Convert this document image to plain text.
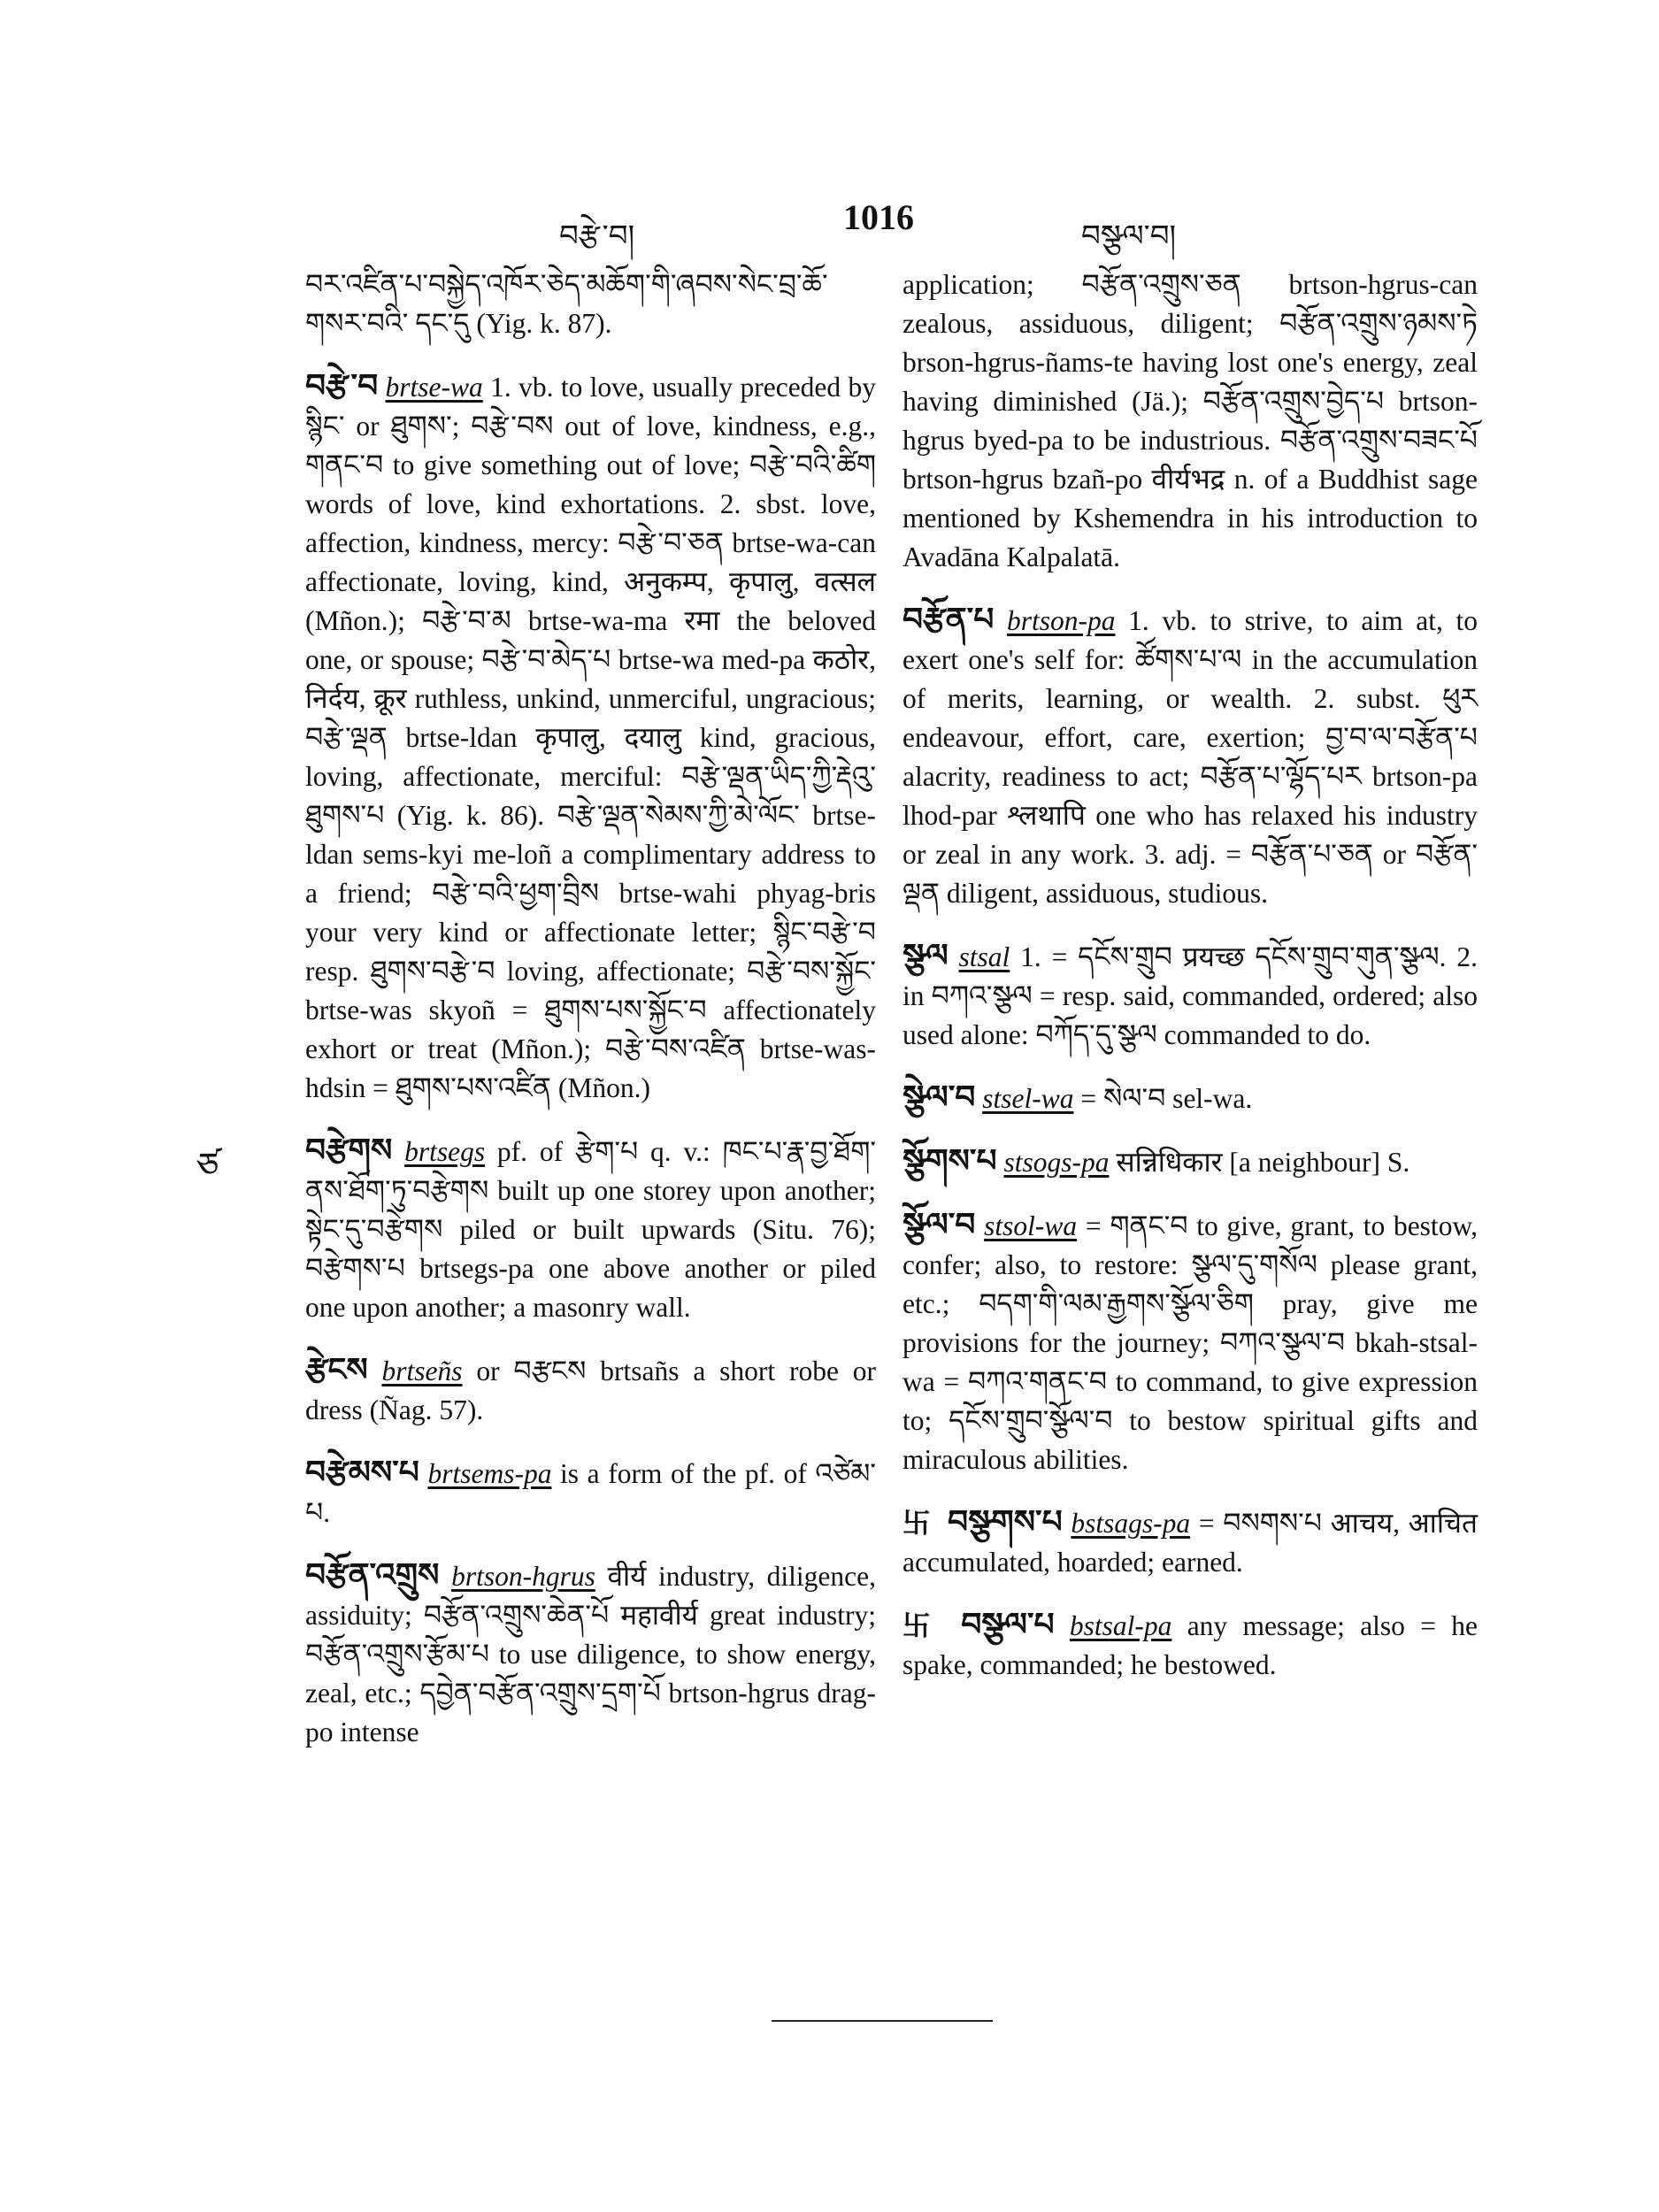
བརྩེ་བ།	1016	བསྩལ་བ།
ཙ

བར་འཛིན་པ་བསྐྱེད་འཁོར་ཅེད་མཆོག་གི་ཞབས་སེང་བྲ་ཆོ་གསར་བའི་ དང་དུ (Yig. k. 87).

བརྩེ་བ brtse-wa 1. vb. to love, usually preceded by སྙིང་ or ཐུགས་; བརྩེ་བས out of love, kindness, e.g., གནང་བ to give something out of love; བརྩེ་བའི་ཚིག words of love, kind exhortations. 2. sbst. love, affection, kindness, mercy: བརྩེ་བ་ཅན brtse-wa-can affectionate, loving, kind, अनुकम्प, कृपालु, वत्सल (Mñon.); བརྩེ་བ་མ brtse-wa-ma रमा the beloved one, or spouse; བརྩེ་བ་མེད་པ brtse-wa med-pa कठोर, निर्दय, क्रूर ruthless, unkind, unmerciful, ungracious; བརྩེ་ལྡན brtse-ldan कृपालु, दयालु kind, gracious, loving, affectionate, merciful: བརྩེ་ལྡན་ཡིད་ཀྱི་རྡེའུ་ཐུགས་པ (Yig. k. 86). བརྩེ་ལྡན་སེམས་ཀྱི་མེ་ལོང་ brtse-ldan sems-kyi me-loñ a complimentary address to a friend; བརྩེ་བའི་ཕྱག་བྲིས brtse-wahi phyag-bris your very kind or affectionate letter; སྙིང་བརྩེ་བ resp. ཐུགས་བརྩེ་བ loving, affectionate; བརྩེ་བས་སྐྱོང་ brtse-was skyoñ = ཐུགས་པས་སྐྱོང་བ affectionately exhort or treat (Mñon.); བརྩེ་བས་འཛིན brtse-was-hdsin = ཐུགས་པས་འཛིན (Mñon.)

བརྩེགས brtsegs pf. of རྩེག་པ q. v.: ཁང་པ་རྣ་བྱ་ཐོག་ནས་ཐོག་ཏུ་བརྩེགས built up one storey upon another; སྟེང་དུ་བརྩེགས piled or built upwards (Situ. 76); བརྩེགས་པ brtsegs-pa one above another or piled one upon another; a masonry wall.

རྩེངས brtseñs or བརྩངས brtsañs a short robe or dress (Ñag. 57).

བརྩེམས་པ brtsems-pa is a form of the pf. of འཙེམ་པ.

བརྩོན་འགྲུས brtson-hgrus वीर्य industry, diligence, assiduity; བརྩོན་འགྲུས་ཆེན་པོ महावीर्य great industry; བརྩོན་འགྲུས་རྩོམ་པ to use diligence, to show energy, zeal, etc.; དབྱེན་བརྩོན་འགྲུས་དྲག་པོ brtson-hgrus drag-po intense

application; བརྩོན་འགྲུས་ཅན brtson-hgrus-can zealous, assiduous, diligent; བརྩོན་འགྲུས་ཉམས་ཏེ brson-hgrus-ñams-te having lost one's energy, zeal having diminished (Jä.); བརྩོན་འགྲུས་བྱེད་པ brtson-hgrus byed-pa to be industrious. བརྩོན་འགྲུས་བཟང་པོ brtson-hgrus bzañ-po वीर्यभद्र n. of a Buddhist sage mentioned by Kshemendra in his introduction to Avadāna Kalpalatā.

བརྩོན་པ brtson-pa 1. vb. to strive, to aim at, to exert one's self for: ཚོགས་པ་ལ in the accumulation of merits, learning, or wealth. 2. subst. ཕུར endeavour, effort, care, exertion; བྱ་བ་ལ་བརྩོན་པ alacrity, readiness to act; བརྩོན་པ་ལྷོད་པར brtson-pa lhod-par श्लथापि one who has relaxed his industry or zeal in any work. 3. adj. = བརྩོན་པ་ཅན or བརྩོན་ལྡན diligent, assiduous, studious.

སྩལ stsal 1. = དངོས་གྲུབ प्रयच्छ དངོས་གྲུབ་གུན་སྩལ. 2. in བཀའ་སྩལ = resp. said, commanded, ordered; also used alone: བཀོད་དུ་སྩལ commanded to do.

སྩེལ་བ stsel-wa = སེལ་བ sel-wa.

སྩོགས་པ stsogs-pa सन्निधिकार [a neighbour] S.

སྩོལ་བ stsol-wa = གནང་བ to give, grant, to bestow, confer; also, to restore: སྩལ་དུ་གསོལ please grant, etc.; བདག་གི་ལམ་རྒྱགས་སྩོལ་ཅིག pray, give me provisions for the journey; བཀའ་སྩལ་བ bkah-stsal-wa = བཀའ་གནང་བ to command, to give expression to; དངོས་གྲུབ་སྩོལ་བ to bestow spiritual gifts and miraculous abilities.

卐 བསྩགས་པ bstsags-pa = བསགས་པ आचय, आचित accumulated, hoarded; earned.

卐 བསྩལ་པ bstsal-pa any message; also = he spake, commanded; he bestowed.
